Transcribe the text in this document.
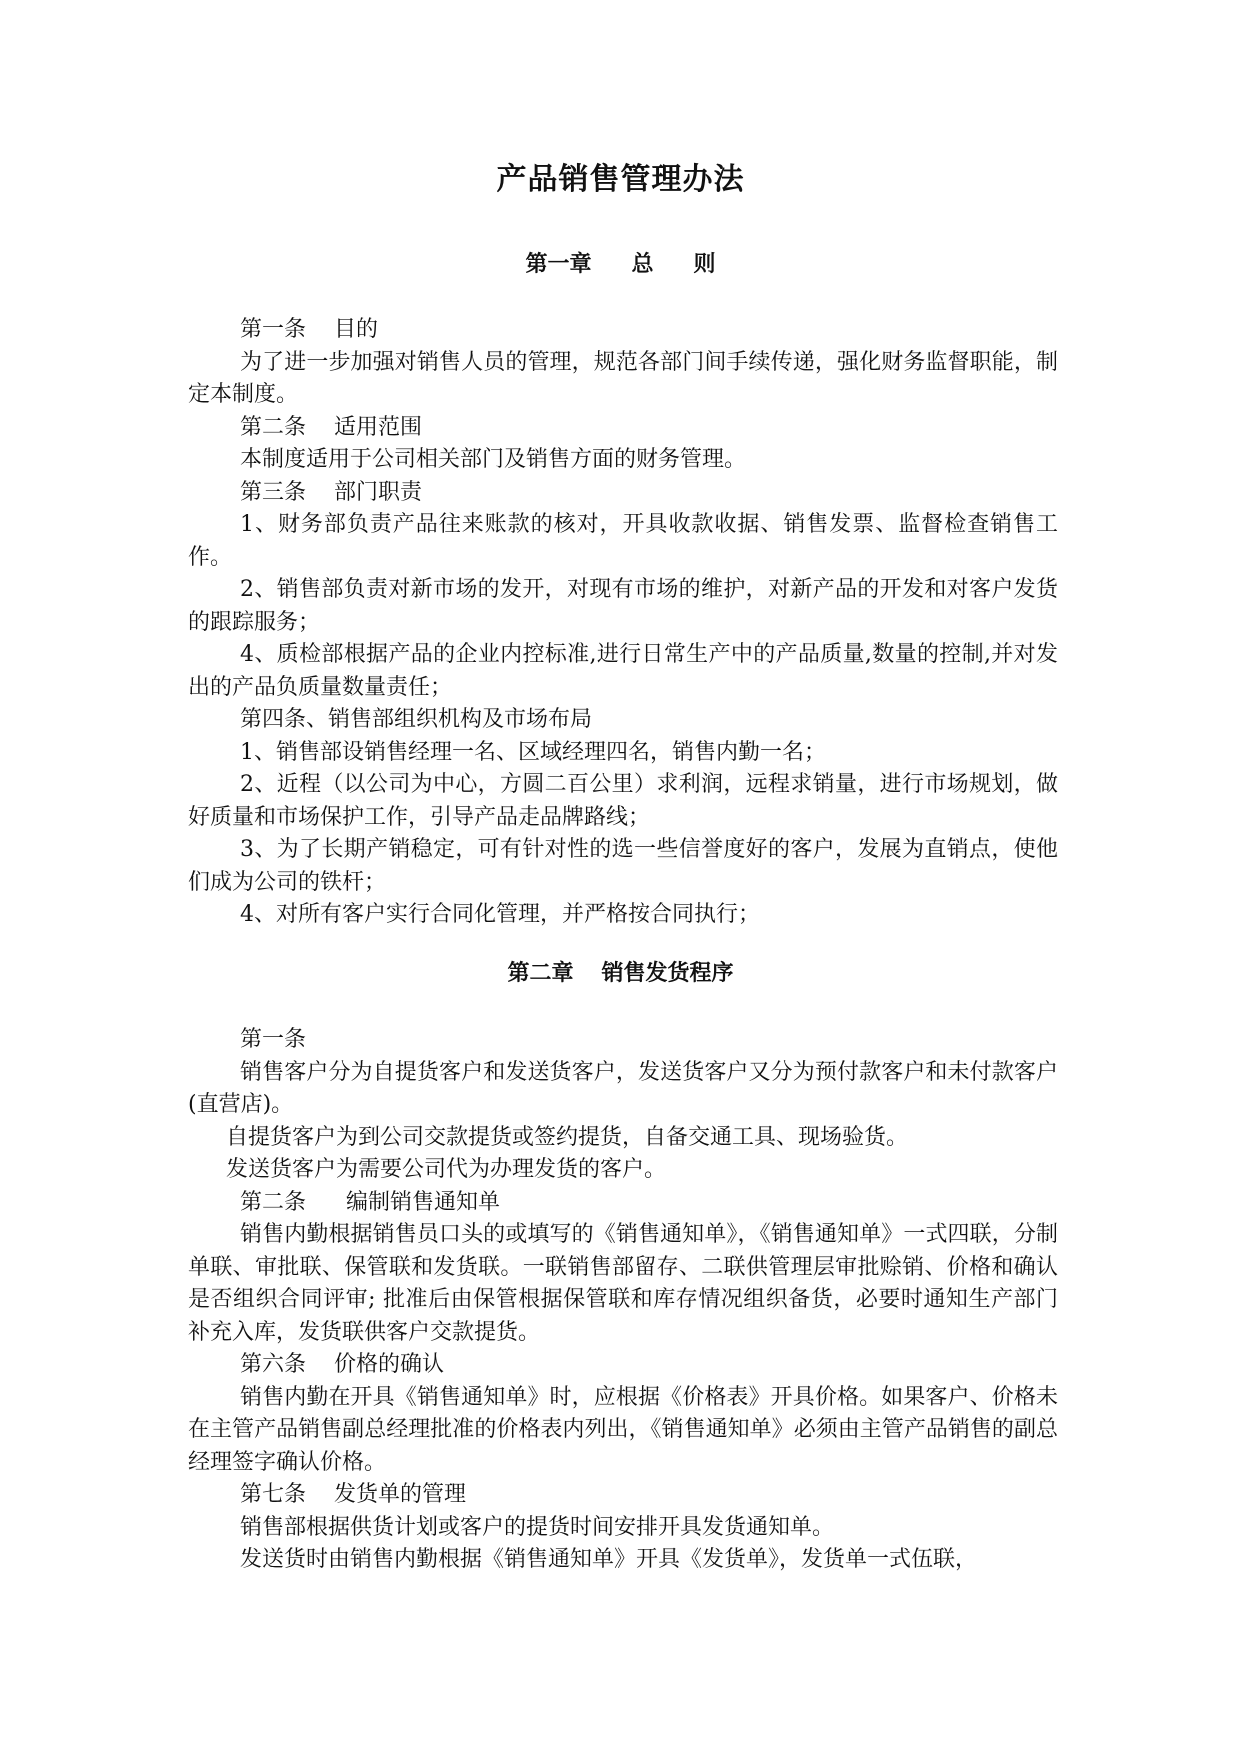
产品销售管理办法
第一章 总 则
第一条 目的

为了进一步加强对销售人员的管理，规范各部门间手续传递，强化财务监督职能，制定本制度。

第二条 适用范围

本制度适用于公司相关部门及销售方面的财务管理。

第三条 部门职责

1、财务部负责产品往来账款的核对，开具收款收据、销售发票、监督检查销售工作。

2、销售部负责对新市场的发开，对现有市场的维护，对新产品的开发和对客户发货的跟踪服务；

4、质检部根据产品的企业内控标准,进行日常生产中的产品质量,数量的控制,并对发出的产品负质量数量责任；

第四条、销售部组织机构及市场布局

1、销售部设销售经理一名、区域经理四名，销售内勤一名；

2、近程（以公司为中心，方圆二百公里）求利润，远程求销量，进行市场规划，做好质量和市场保护工作，引导产品走品牌路线；

3、为了长期产销稳定，可有针对性的选一些信誉度好的客户，发展为直销点，使他们成为公司的铁杆；

4、对所有客户实行合同化管理，并严格按合同执行；

第二章 销售发货程序
第一条

销售客户分为自提货客户和发送货客户，发送货客户又分为预付款客户和未付款客户(直营店)。

自提货客户为到公司交款提货或签约提货，自备交通工具、现场验货。

发送货客户为需要公司代为办理发货的客户。

第二条 编制销售通知单

销售内勤根据销售员口头的或填写的《销售通知单》，《销售通知单》一式四联，分制单联、审批联、保管联和发货联。一联销售部留存、二联供管理层审批赊销、价格和确认是否组织合同评审; 批准后由保管根据保管联和库存情况组织备货，必要时通知生产部门补充入库，发货联供客户交款提货。

第六条 价格的确认

销售内勤在开具《销售通知单》时，应根据《价格表》开具价格。如果客户、价格未在主管产品销售副总经理批准的价格表内列出，《销售通知单》必须由主管产品销售的副总经理签字确认价格。

第七条 发货单的管理

销售部根据供货计划或客户的提货时间安排开具发货通知单。

发送货时由销售内勤根据《销售通知单》开具《发货单》，发货单一式伍联，
